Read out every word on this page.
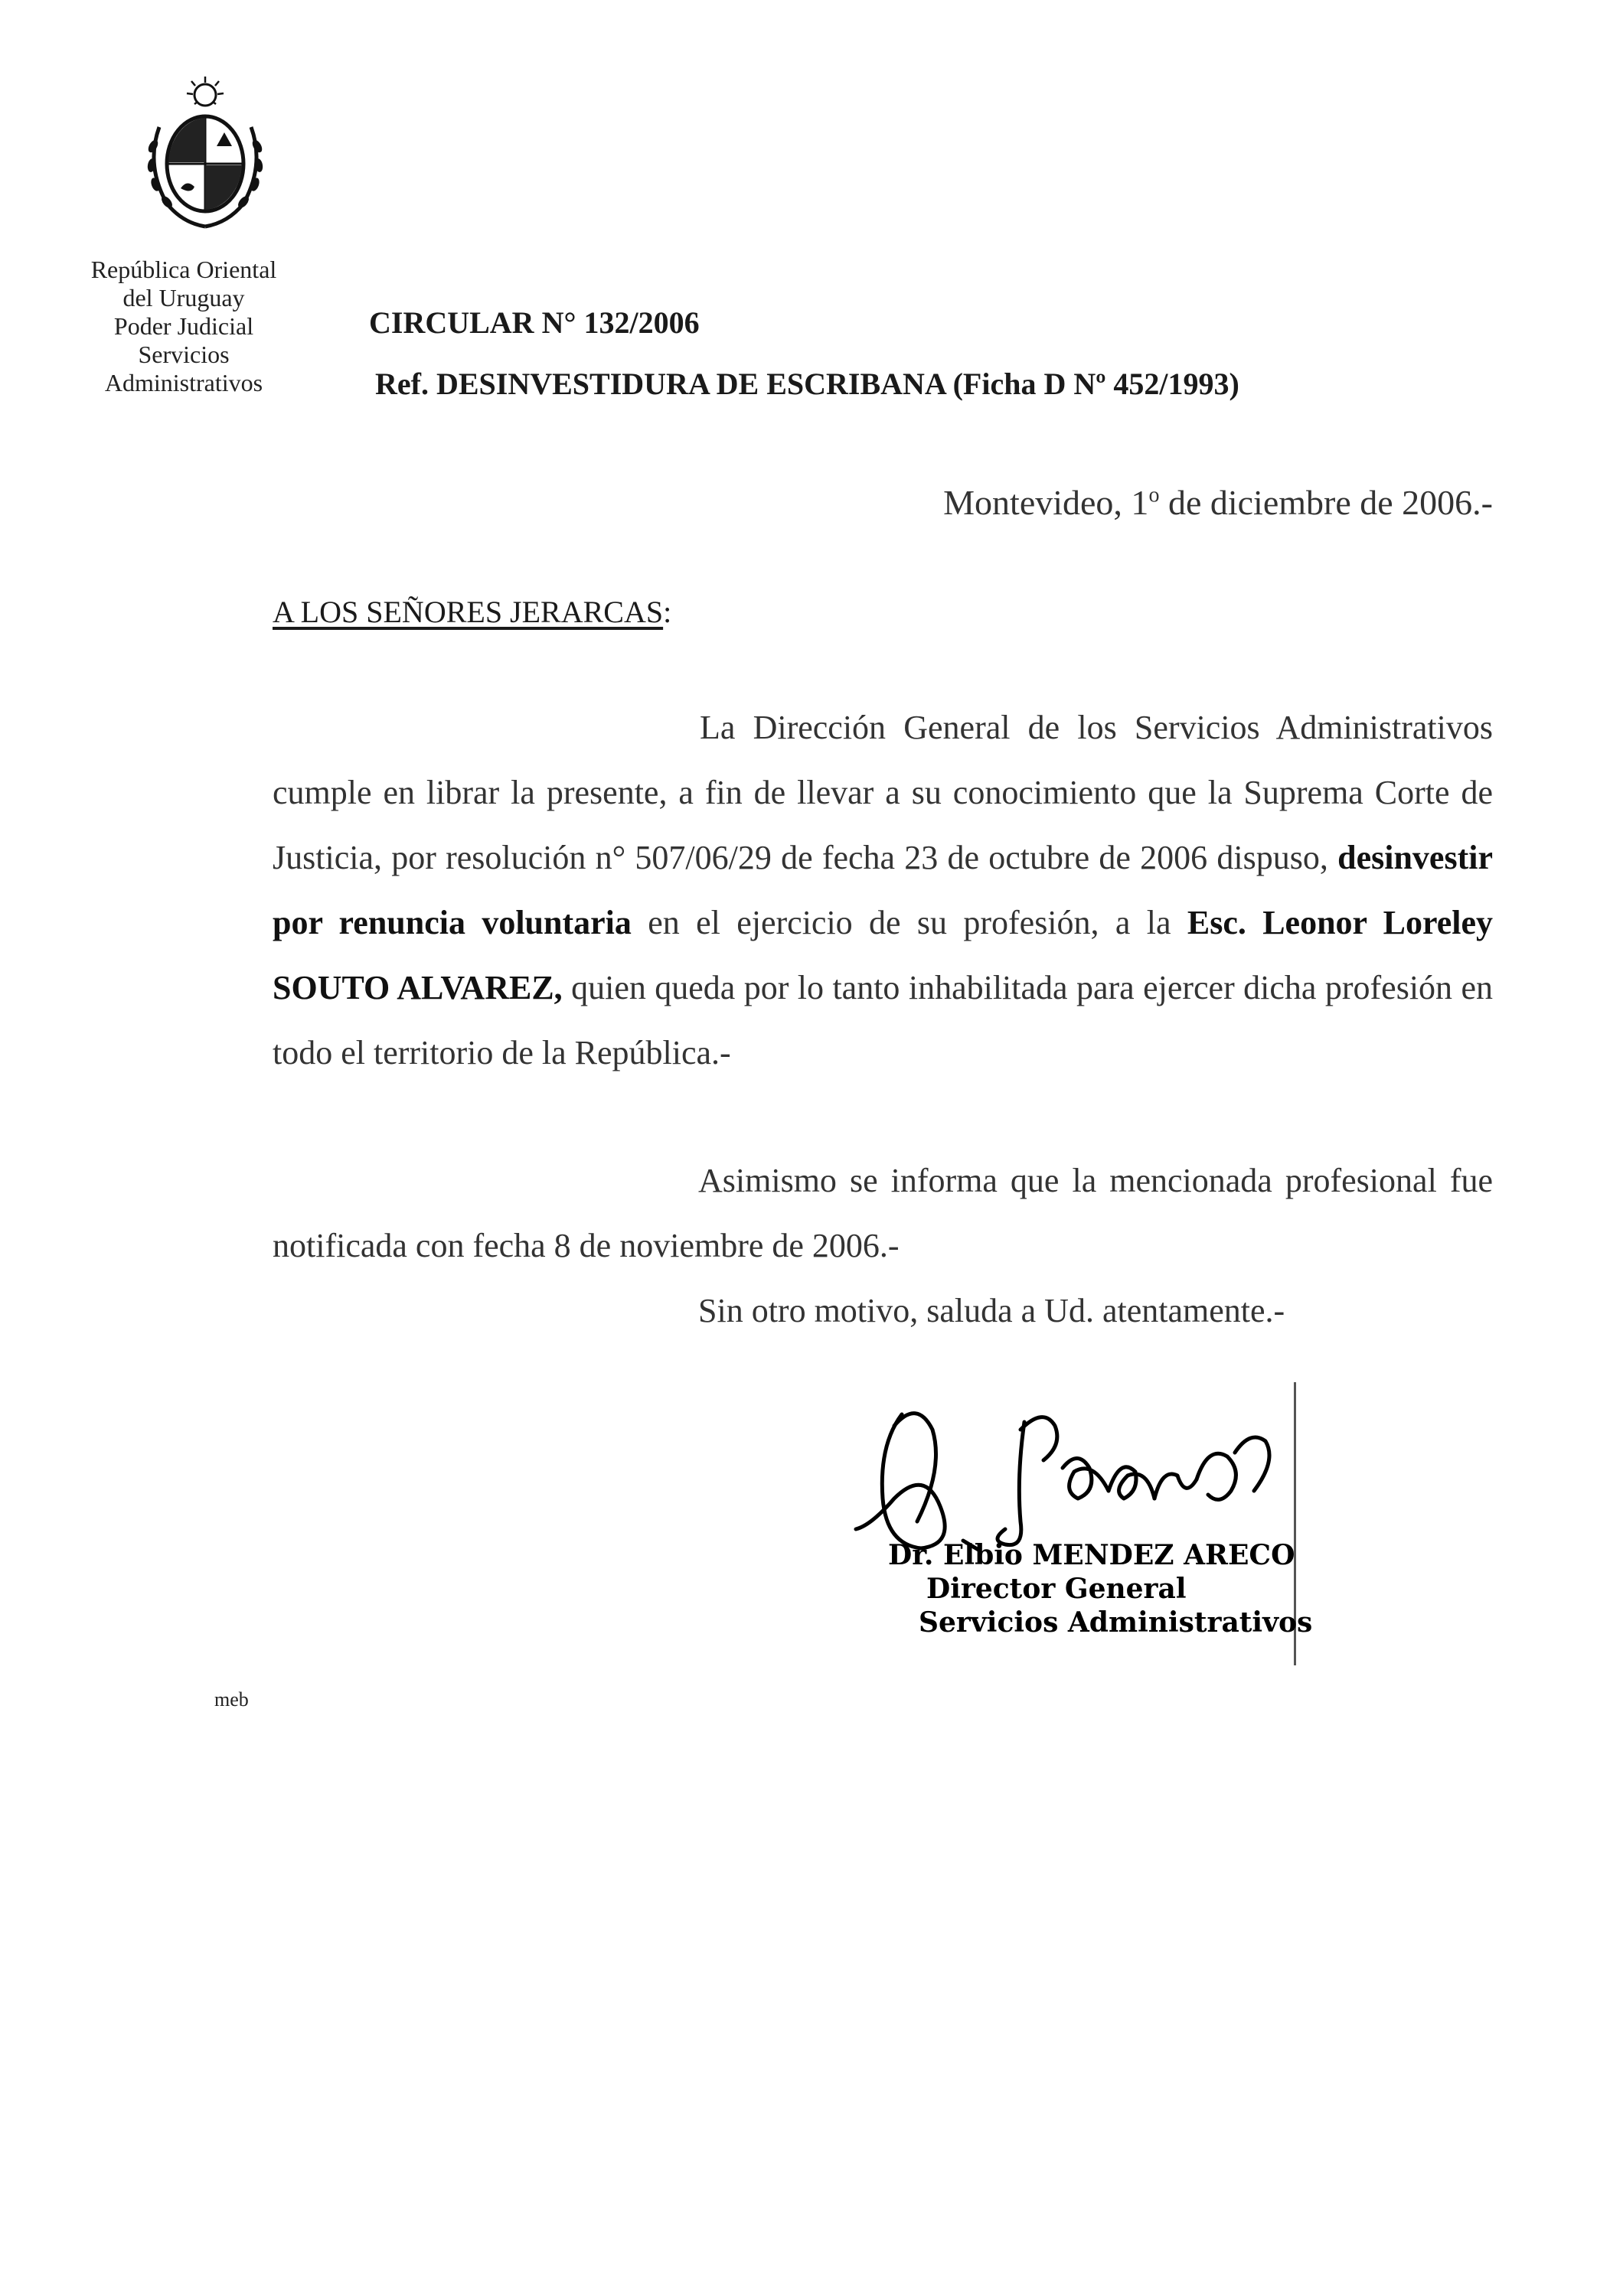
República Oriental
del Uruguay
Poder Judicial
Servicios
Administrativos
CIRCULAR N° 132/2006
Ref. DESINVESTIDURA DE ESCRIBANA (Ficha D Nº 452/1993)
Montevideo, 1$^o$ de diciembre de 2006.-
A LOS SEÑORES JERARCAS:
La Dirección General de los Servicios Administrativos cumple en librar la presente, a fin de llevar a su conocimiento que la Suprema Corte de Justicia, por resolución n° 507/06/29 de fecha 23 de octubre de 2006 dispuso, desinvestir por renuncia voluntaria en el ejercicio de su profesión, a la Esc. Leonor Loreley SOUTO ALVAREZ, quien queda por lo tanto inhabilitada para ejercer dicha profesión en todo el territorio de la República.-
Asimismo se informa que la mencionada profesional fue notificada con fecha 8 de noviembre de 2006.-
Sin otro motivo, saluda a Ud. atentamente.-
Dr. Elbio MENDEZ ARECO
Director General
Servicios Administrativos
meb
